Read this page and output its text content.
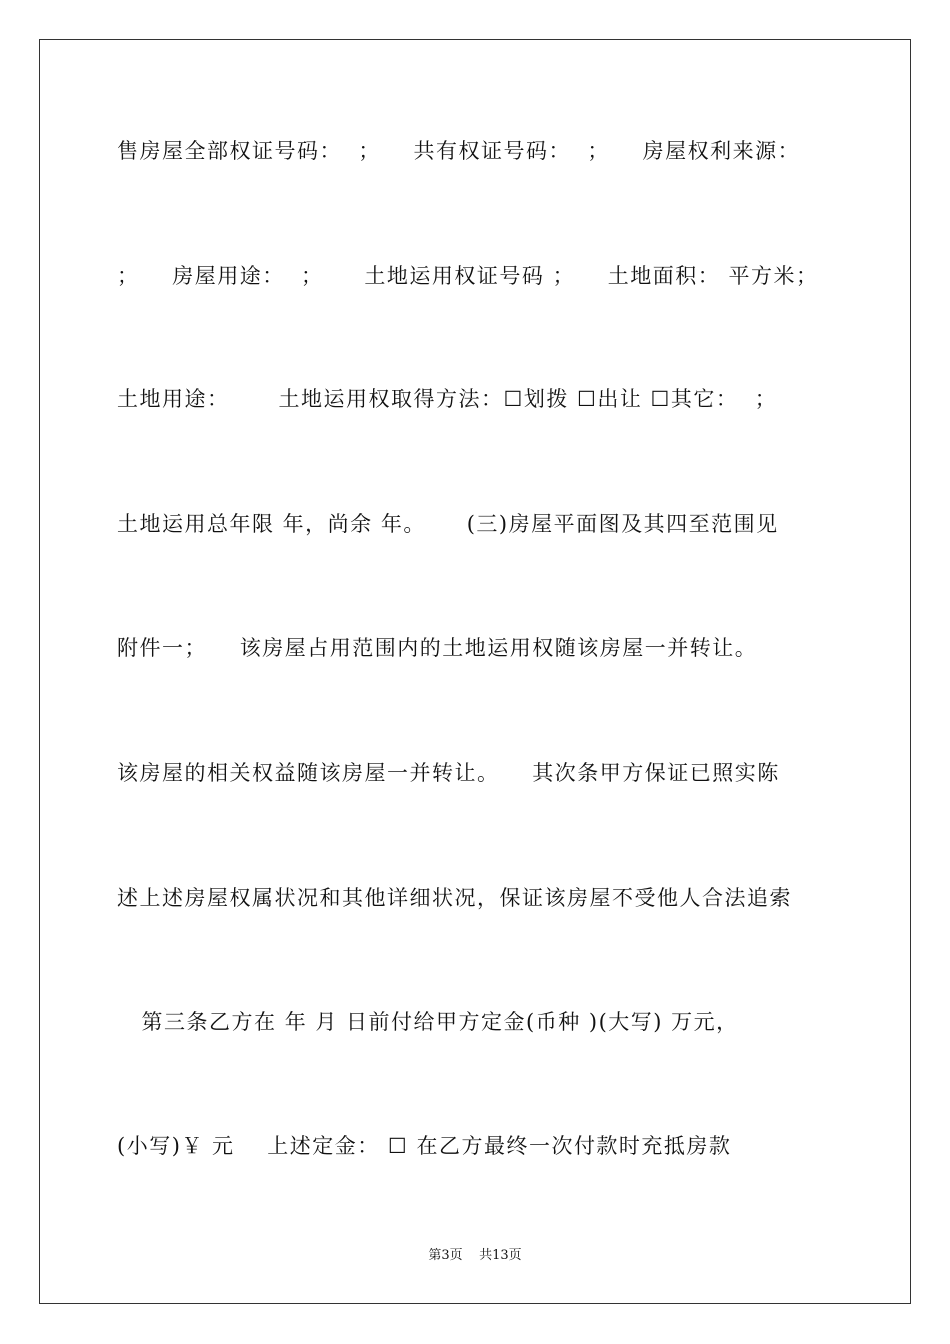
售房屋全部权证号码：  ；    共有权证号码：  ；    房屋权利来源：
；    房屋用途：  ；     土地运用权证号码 ；    土地面积： 平方米；
土地用途：      土地运用权取得方法：☐划拨 ☐出让 ☐其它：  ；
土地运用总年限 年，尚余 年。     (三)房屋平面图及其四至范围见
附件一；    该房屋占用范围内的土地运用权随该房屋一并转让。
该房屋的相关权益随该房屋一并转让。    其次条甲方保证已照实陈
述上述房屋权属状况和其他详细状况，保证该房屋不受他人合法追索
第三条乙方在 年 月 日前付给甲方定金(币种 )(大写) 万元，
(小写)￥ 元    上述定金： ☐ 在乙方最终一次付款时充抵房款
第3页    共13页
